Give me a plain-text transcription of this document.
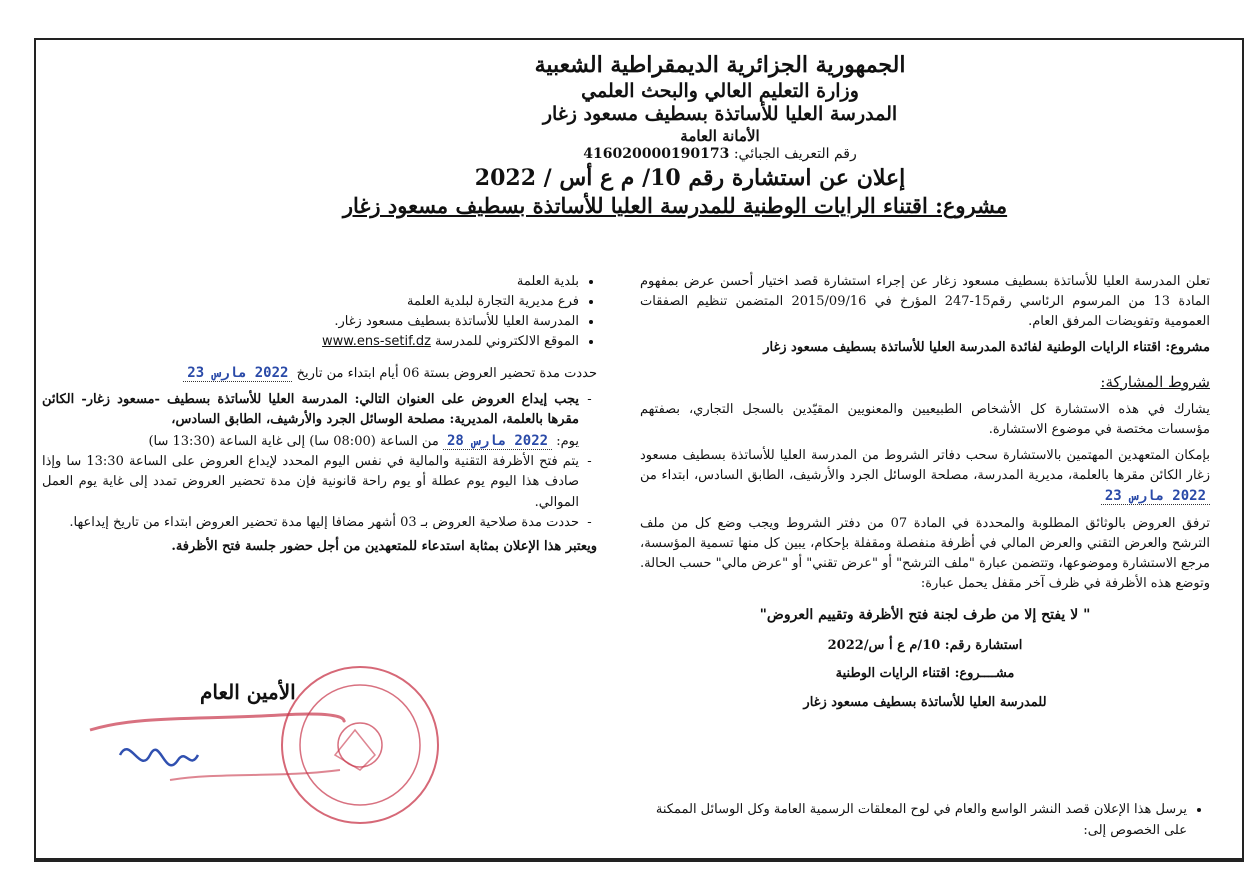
الجمهورية الجزائرية الديمقراطية الشعبية

وزارة التعليم العالي والبحث العلمي

المدرسة العليا للأساتذة بسطيف مسعود زغار

الأمانة العامة

رقم التعريف الجبائي: 416020000190173

إعلان عن استشارة رقم 10/ م ع أس / 2022

مشروع: اقتناء الرايات الوطنية للمدرسة العليا للأساتذة بسطيف مسعود زغار

تعلن المدرسة العليا للأساتذة بسطيف مسعود زغار عن إجراء استشارة قصد اختيار أحسن عرض بمفهوم المادة 13 من المرسوم الرئاسي رقم15-247 المؤرخ في 2015/09/16 المتضمن تنظيم الصفقات العمومية وتفويضات المرفق العام.

مشروع: اقتناء الرايات الوطنية لفائدة المدرسة العليا للأساتذة بسطيف مسعود زغار

شروط المشاركة:

يشارك في هذه الاستشارة كل الأشخاص الطبيعيين والمعنويين المقيّدين بالسجل التجاري، بصفتهم مؤسسات مختصة في موضوع الاستشارة.

بإمكان المتعهدين المهتمين بالاستشارة سحب دفاتر الشروط من المدرسة العليا للأساتذة بسطيف مسعود زغار الكائن مقرها بالعلمة، مديرية المدرسة، مصلحة الوسائل الجرد والأرشيف، الطابق السادس، ابتداء من 2022 مارس 23

ترفق العروض بالوثائق المطلوبة والمحددة في المادة 07 من دفتر الشروط ويجب وضع كل من ملف الترشح والعرض التقني والعرض المالي في أظرفة منفصلة ومقفلة بإحكام، يبين كل منها تسمية المؤسسة، مرجع الاستشارة وموضوعها، وتتضمن عبارة "ملف الترشح" أو "عرض تقني" أو "عرض مالي" حسب الحالة. وتوضع هذه الأظرفة في ظرف آخر مقفل يحمل عبارة:

" لا يفتح إلا من طرف لجنة فتح الأظرفة وتقييم العروض"

استشارة رقم: 10/م ع أ س/2022

مشــــروع: اقتناء الرايات الوطنية

للمدرسة العليا للأساتذة بسطيف مسعود زغار

• يرسل هذا الإعلان قصد النشر الواسع والعام في لوح المعلقات الرسمية العامة وكل الوسائل الممكنة على الخصوص إلى:
• بلدية العلمة
• فرع مديرية التجارة لبلدية العلمة
• المدرسة العليا للأساتذة بسطيف مسعود زغار.
• الموقع الالكتروني للمدرسة www.ens-setif.dz

حددت مدة تحضير العروض بستة 06 أيام ابتداء من تاريخ 2022 مارس 23

- يجب إيداع العروض على العنوان التالي: المدرسة العليا للأساتذة بسطيف -مسعود زغار- الكائن مقرها بالعلمة، المديرية: مصلحة الوسائل الجرد والأرشيف، الطابق السادس،
يوم: 2022 مارس 28 من الساعة (08:00 سا) إلى غاية الساعة (13:30 سا)
- يتم فتح الأظرفة التقنية والمالية في نفس اليوم المحدد لإيداع العروض على الساعة 13:30 سا وإذا صادف هذا اليوم يوم عطلة أو يوم راحة قانونية فإن مدة تحضير العروض تمدد إلى غاية يوم العمل الموالي.
- حددت مدة صلاحية العروض بـ 03 أشهر مضافا إليها مدة تحضير العروض ابتداء من تاريخ إيداعها.

ويعتبر هذا الإعلان بمثابة استدعاء للمتعهدين من أجل حضور جلسة فتح الأظرفة.

الأمين العام
